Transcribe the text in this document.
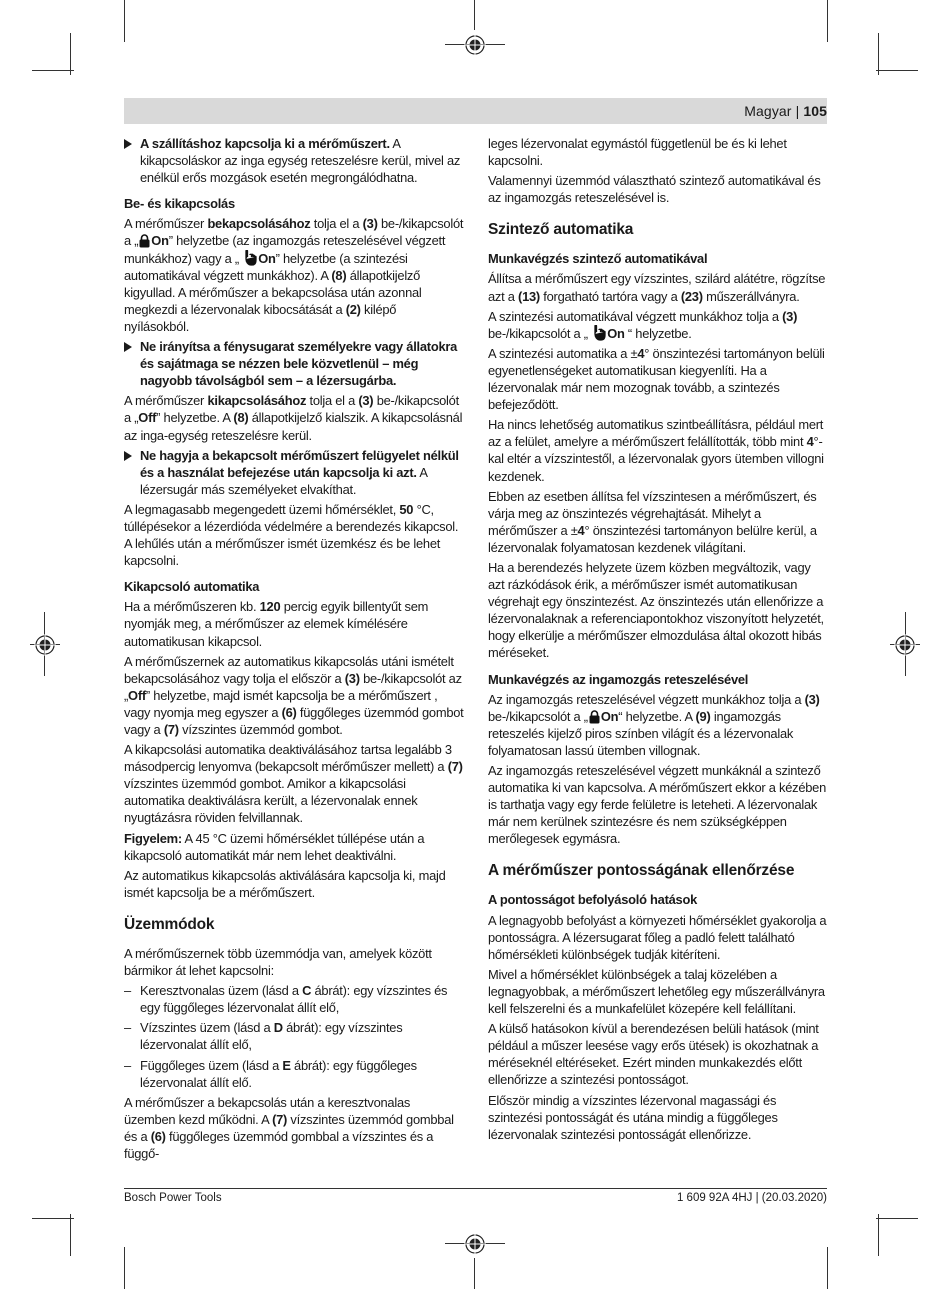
Magyar | 105
A szállításhoz kapcsolja ki a mérőműszert. A kikapcsoláskor az inga egység reteszelésre kerül, mivel az enélkül erős mozgások esetén megrongálódhatna.

Be- és kikapcsolás

A mérőműszer bekapcsolásához tolja el a (3) be-/kikapcsolót a „ On” helyzetbe (az ingamozgás reteszelésével végzett munkákhoz) vagy a „ On” helyzetbe (a szintezési automatikával végzett munkákhoz). A (8) állapotkijelző kigyullad. A mérőműszer a bekapcsolása után azonnal megkezdi a lézervonalak kibocsátását a (2) kilépő nyílásokból.

Ne irányítsa a fénysugarat személyekre vagy állatokra és sajátmaga se nézzen bele közvetlenül – még nagyobb távolságból sem – a lézersugárba.

A mérőműszer kikapcsolásához tolja el a (3) be-/kikapcsolót a „Off” helyzetbe. A (8) állapotkijelző kialszik. A kikapcsolásnál az inga-egység reteszelésre kerül.

Ne hagyja a bekapcsolt mérőműszert felügyelet nélkül és a használat befejezése után kapcsolja ki azt. A lézersugár más személyeket elvakíthat.

A legmagasabb megengedett üzemi hőmérséklet, 50 °C, túllépésekor a lézerdióda védelmére a berendezés kikapcsol. A lehűlés után a mérőműszer ismét üzemkész és be lehet kapcsolni.

Kikapcsoló automatika

Ha a mérőműszeren kb. 120 percig egyik billentyűt sem nyomják meg, a mérőműszer az elemek kímélésére automatikusan kikapcsol.

A mérőműszernek az automatikus kikapcsolás utáni ismételt bekapcsolásához vagy tolja el először a (3) be-/kikapcsolót az „Off” helyzetbe, majd ismét kapcsolja be a mérőműszert , vagy nyomja meg egyszer a (6) függőleges üzemmód gombot vagy a (7) vízszintes üzemmód gombot.

A kikapcsolási automatika deaktiválásához tartsa legalább 3 másodpercig lenyomva (bekapcsolt mérőműszer mellett) a (7) vízszintes üzemmód gombot. Amikor a kikapcsolási automatika deaktiválásra került, a lézervonalak ennek nyugtázásra röviden felvillannak.

Figyelem: A 45 °C üzemi hőmérséklet túllépése után a kikapcsoló automatikát már nem lehet deaktiválni.

Az automatikus kikapcsolás aktiválására kapcsolja ki, majd ismét kapcsolja be a mérőműszert.

Üzemmódok

A mérőműszernek több üzemmódja van, amelyek között bármikor át lehet kapcsolni:

– Keresztvonalas üzem (lásd a C ábrát): egy vízszintes és egy függőleges lézervonalat állít elő,
– Vízszintes üzem (lásd a D ábrát): egy vízszintes lézervonalat állít elő,
– Függőleges üzem (lásd a E ábrát): egy függőleges lézervonalat állít elő.

A mérőműszer a bekapcsolás után a keresztvonalas üzemben kezd működni. A (7) vízszintes üzemmód gombbal és a (6) függőleges üzemmód gombbal a vízszintes és a függő-

leges lézervonalat egymástól függetlenül be és ki lehet kapcsolni.

Valamennyi üzemmód választható szintező automatikával és az ingamozgás reteszelésével is.

Szintező automatika

Munkavégzés szintező automatikával

Állítsa a mérőműszert egy vízszintes, szilárd alátétre, rögzítse azt a (13) forgatható tartóra vagy a (23) műszerállványra.

A szintezési automatikával végzett munkákhoz tolja a (3) be-/kikapcsolót a „ On “ helyzetbe.

A szintezési automatika a ±4° önszintezési tartományon belüli egyenetlenségeket automatikusan kiegyenlíti. Ha a lézervonalak már nem mozognak tovább, a szintezés befejeződött.

Ha nincs lehetőség automatikus szintbeállításra, például mert az a felület, amelyre a mérőműszert felállították, több mint 4°-kal eltér a vízszintestől, a lézervonalak gyors ütemben villogni kezdenek.

Ebben az esetben állítsa fel vízszintesen a mérőműszert, és várja meg az önszintezés végrehajtását. Mihelyt a mérőműszer a ±4° önszintezési tartományon belülre kerül, a lézervonalak folyamatosan kezdenek világítani.

Ha a berendezés helyzete üzem közben megváltozik, vagy azt rázkódások érik, a mérőműszer ismét automatikusan végrehajt egy önszintezést. Az önszintezés után ellenőrizze a lézervonalaknak a referenciapontokhoz viszonyított helyzetét, hogy elkerülje a mérőműszer elmozdulása által okozott hibás méréseket.

Munkavégzés az ingamozgás reteszelésével

Az ingamozgás reteszelésével végzett munkákhoz tolja a (3) be-/kikapcsolót a „ On“ helyzetbe. A (9) ingamozgás reteszelés kijelző piros színben világít és a lézervonalak folyamatosan lassú ütemben villognak.

Az ingamozgás reteszelésével végzett munkáknál a szintező automatika ki van kapcsolva. A mérőműszert ekkor a kézében is tarthatja vagy egy ferde felületre is leteheti. A lézervonalak már nem kerülnek szintezésre és nem szükségképpen merőlegesek egymásra.

A mérőműszer pontosságának ellenőrzése

A pontosságot befolyásoló hatások

A legnagyobb befolyást a környezeti hőmérséklet gyakorolja a pontosságra. A lézersugarat főleg a padló felett található hőmérsékleti különbségek tudják kitéríteni.

Mivel a hőmérséklet különbségek a talaj közelében a legnagyobbak, a mérőműszert lehetőleg egy műszerállványra kell felszerelni és a munkafelület közepére kell felállítani.

A külső hatásokon kívül a berendezésen belüli hatások (mint például a műszer leesése vagy erős ütések) is okozhatnak a méréseknél eltéréseket. Ezért minden munkakezdés előtt ellenőrizze a szintezési pontosságot.

Először mindig a vízszintes lézervonal magassági és szintezési pontosságát és utána mindig a függőleges lézervonalak szintezési pontosságát ellenőrizze.

Bosch Power Tools	1 609 92A 4HJ | (20.03.2020)
